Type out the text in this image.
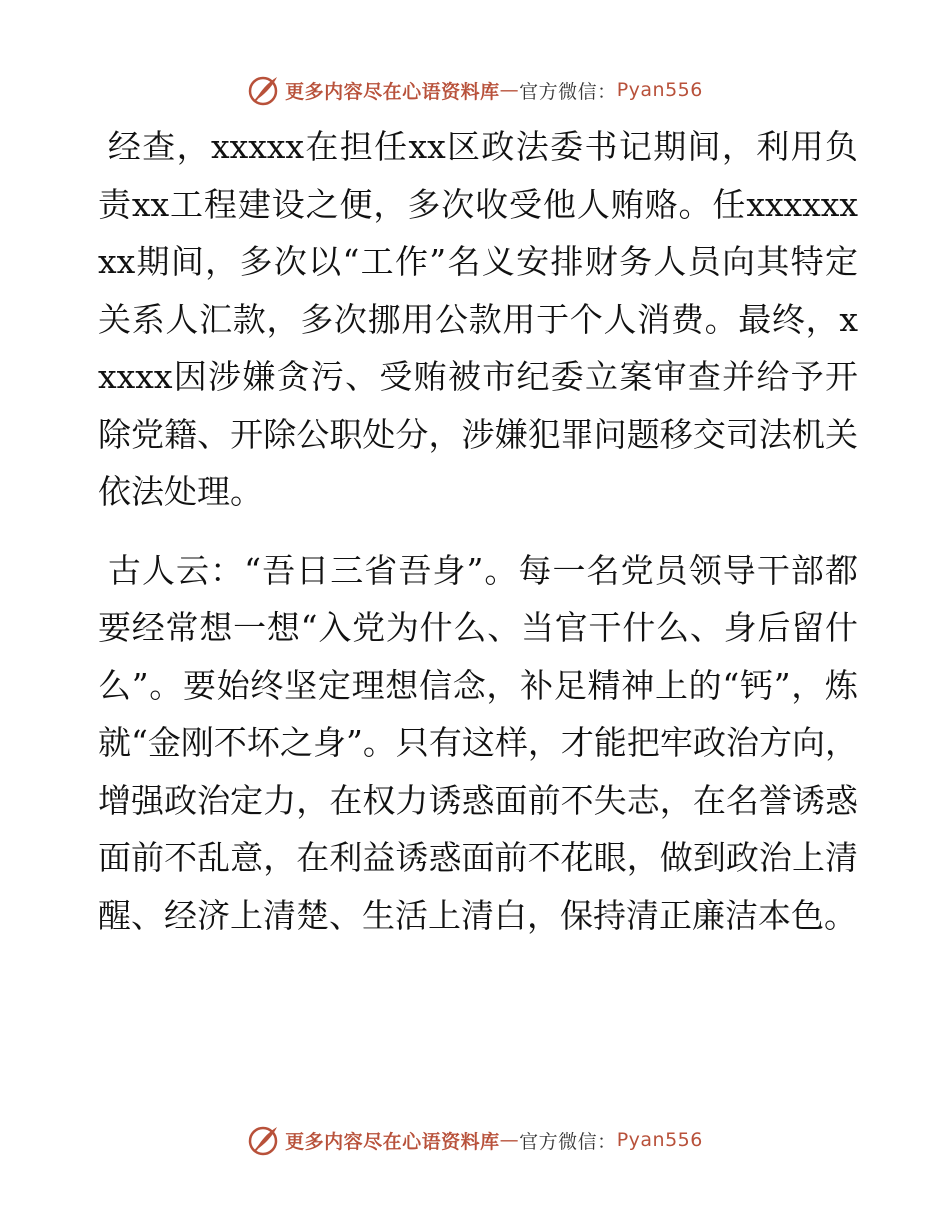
更多内容尽在心语资料库 — 官方微信： Pyan556

经查，xxxxx在担任xx区政法委书记期间，利用负责xx工程建设之便，多次收受他人贿赂。任xxxxxxxx期间，多次以“工作”名义安排财务人员向其特定关系人汇款，多次挪用公款用于个人消费。最终，xxxxx因涉嫌贪污、受贿被市纪委立案审查并给予开除党籍、开除公职处分，涉嫌犯罪问题移交司法机关依法处理。

古人云：“吾日三省吾身”。每一名党员领导干部都要经常想一想“入党为什么、当官干什么、身后留什么”。要始终坚定理想信念，补足精神上的“钙”，炼就“金刚不坏之身”。只有这样，才能把牢政治方向，增强政治定力，在权力诱惑面前不失志，在名誉诱惑面前不乱意，在利益诱惑面前不花眼，做到政治上清醒、经济上清楚、生活上清白，保持清正廉洁本色。

更多内容尽在心语资料库 — 官方微信： Pyan556
